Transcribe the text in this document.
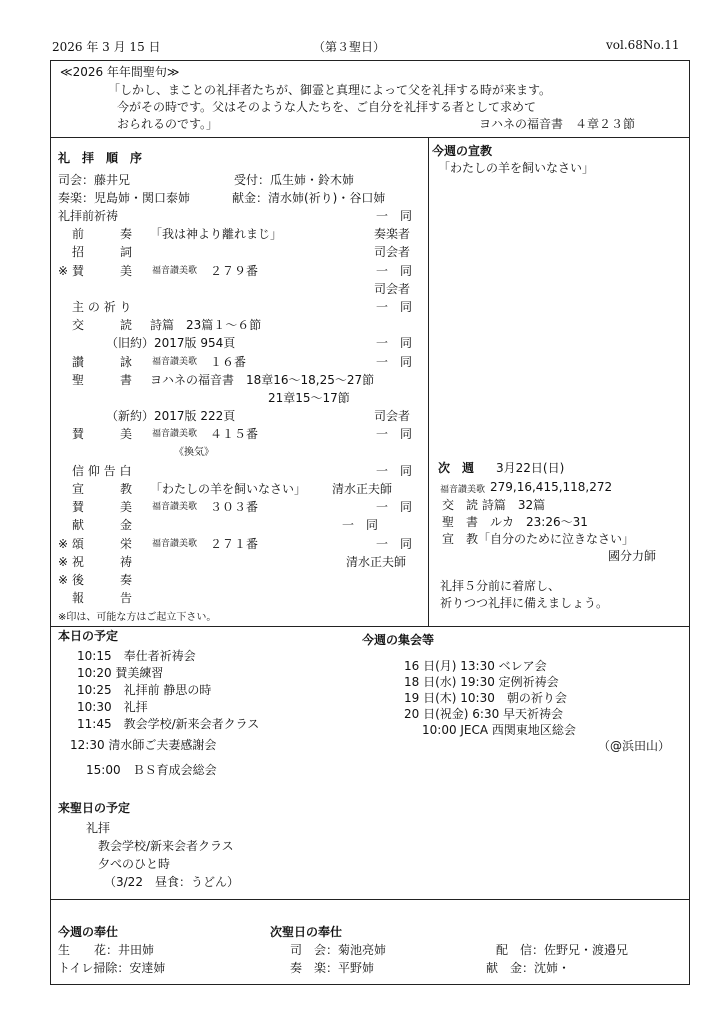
2026 年 3 月 15 日	（第３聖日）	vol.68No.11
≪2026 年年間聖句≫
「しかし、まことの礼拝者たちが、御霊と真理によって父を礼拝する時が来ます。
今がその時です。父はそのような人たちを、ご自分を礼拝する者として求めて
おられるのです。」	ヨハネの福音書　４章２３節
礼　拝　順　序
司会：藤井兄	受付：瓜生姉・鈴木姉
奏楽：児島姉・関口泰姉	献金：清水姉(祈り)・谷口姉
礼拝前祈祷	一　同
前　　　奏 「我は神より離れまじ」	奏楽者
招　　　詞	司会者
※ 賛　　　美 福音讃美歌 ２７９番	一　同
司会者
主 の 祈 り	一　同
交　　　読 詩篇　23篇１～６節
（旧約）2017版 954頁	一　同
讃　　　詠 福音讃美歌 １６番	一　同
聖　　　書 ヨハネの福音書　18章16～18,25～27節
21章15～17節
（新約）2017版 222頁	司会者
賛　　　美 福音讃美歌 ４１５番	一　同
《換気》
信 仰 告 白	一　同
宣　　　教 「わたしの羊を飼いなさい」 清水正夫師
賛　　　美 福音讃美歌 ３０３番	一　同
献　　　金	一　同
※ 頌　　　栄 福音讃美歌 ２７１番	一　同
※ 祝　　　祷	清水正夫師
※ 後　　　奏
報　　　告
※印は、可能な方はご起立下さい。
今週の宣教
「わたしの羊を飼いなさい」
次　週 3月22日(日)
福音讃美歌 279,16,415,118,272
交　読 詩篇　32篇
聖　書　ルカ　23:26～31
宣　教「自分のために泣きなさい」
國分力師
礼拝５分前に着席し、
祈りつつ礼拝に備えましょう。
本日の予定
10:15　奉仕者祈祷会
10:20 賛美練習
10:25　礼拝前 静思の時
10:30　礼拝
11:45　教会学校/新来会者クラス
12:30 清水師ご夫妻感謝会
15:00　ＢＳ育成会総会
今週の集会等
16 日(月) 13:30 ベレア会
18 日(水) 19:30 定例祈祷会
19 日(木) 10:30　朝の祈り会
20 日(祝金) 6:30 早天祈祷会
10:00 JECA 西関東地区総会
（@浜田山）
来聖日の予定
礼拝
教会学校/新来会者クラス
夕べのひと時
（3/22　昼食：うどん）
今週の奉仕
生　　花：井田姉
トイレ掃除：安達姉
次聖日の奉仕
司　会：菊池亮姉
奏　楽：平野姉
配　信：佐野兄・渡邉兄
献　金：沈姉・
